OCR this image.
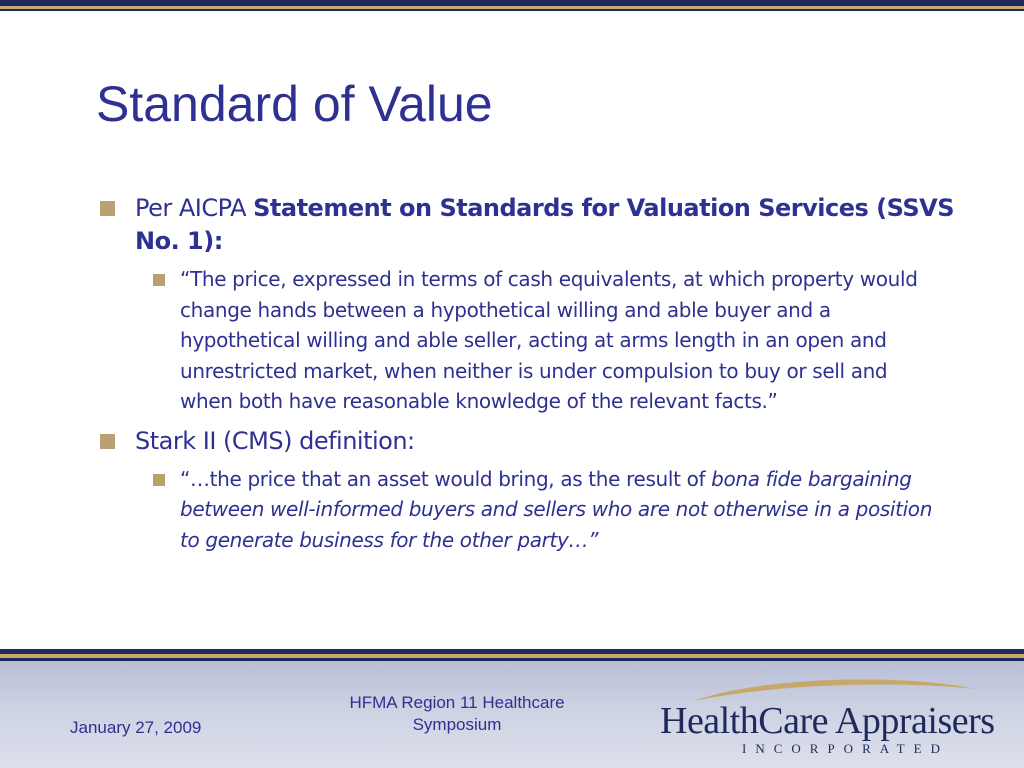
Standard of Value
Per AICPA Statement on Standards for Valuation Services (SSVS No. 1):
“The price, expressed in terms of cash equivalents, at which property would change hands between a hypothetical willing and able buyer and a hypothetical willing and able seller, acting at arms length in an open and unrestricted market, when neither is under compulsion to buy or sell and when both have reasonable knowledge of the relevant facts.”
Stark II (CMS) definition:
“…the price that an asset would bring, as the result of bona fide bargaining between well-informed buyers and sellers who are not otherwise in a position to generate business for the other party…”
January 27, 2009
HFMA Region 11 Healthcare
Symposium	HealthCare Appraisers
INCORPORATED
